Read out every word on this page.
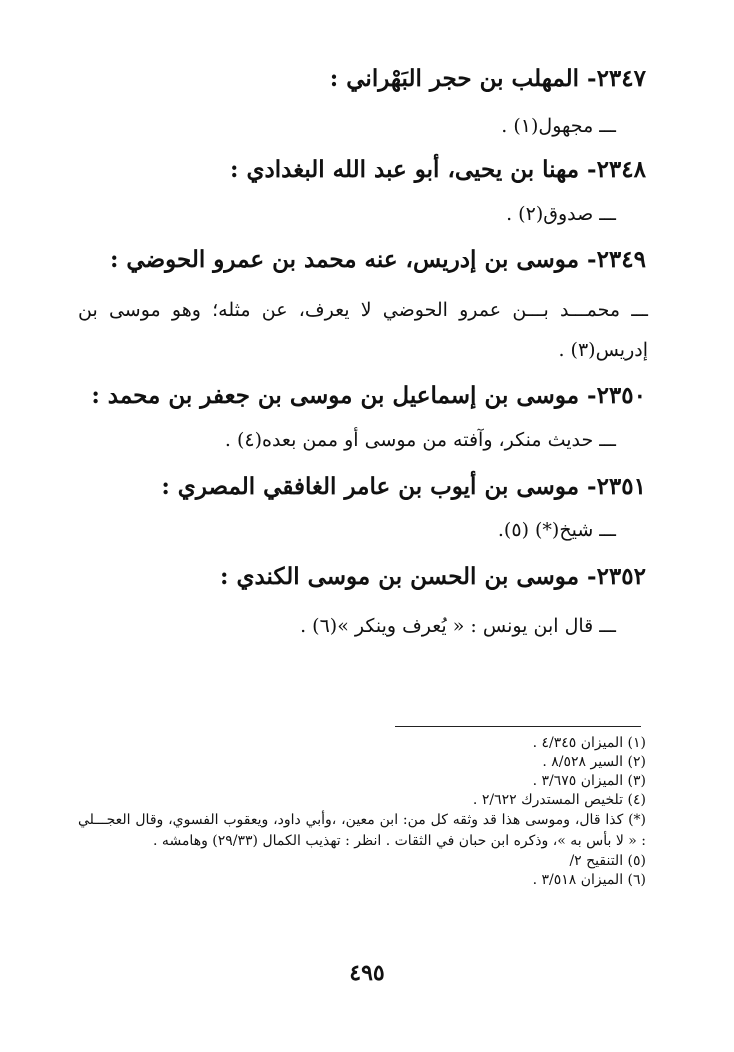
٢٣٤٧- المهلب بن حجر البَهْراني :
ـــ مجهول(١) .
٢٣٤٨- مهنا بن يحيى، أبو عبد الله البغدادي :
ـــ صدوق(٢) .
٢٣٤٩- موسى بن إدريس، عنه محمد بن عمرو الحوضي :
ـــ محمـــد بـــن عمرو الحوضي لا يعرف، عن مثله؛ وهو موسى بن إدريس(٣) .
٢٣٥٠- موسى بن إسماعيل بن موسى بن جعفر بن محمد :
ـــ حديث منكر، وآفته من موسى أو ممن بعده(٤) .
٢٣٥١- موسى بن أيوب بن عامر الغافقي المصري :
ـــ شيخ(*) (٥).
٢٣٥٢- موسى بن الحسن بن موسى الكندي :
ـــ قال ابن يونس : « يُعرف وينكر »(٦) .
(١) الميزان ٤/٣٤٥ .
(٢) السير ٨/٥٢٨ .
(٣) الميزان ٣/٦٧٥ .
(٤) تلخيص المستدرك ٢/٦٢٢ .
(*) كذا قال، وموسى هذا قد وثقه كل من: ابن معين، ،وأبي داود، ويعقوب الفسوي، وقال العجـــلي : « لا بأس به »، وذكره ابن حبان في الثقات . انظر : تهذيب الكمال (٢٩/٣٣) وهامشه .
(٥) التنقيح ٢/
(٦) الميزان ٣/٥١٨ .
٤٩٥
